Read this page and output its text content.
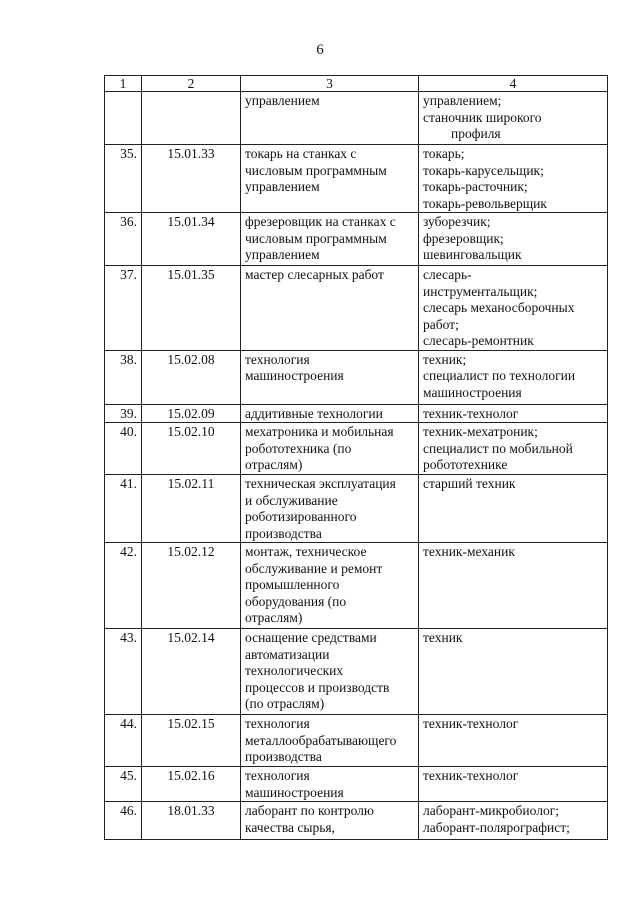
6
1	2	3	4
		управлением	управлением;
станочник широкого
профиля
35.	15.01.33	токарь на станках с
числовым программным
управлением	токарь;
токарь-карусельщик;
токарь-расточник;
токарь-револьверщик
36.	15.01.34	фрезеровщик на станках с
числовым программным
управлением	зуборезчик;
фрезеровщик;
шевинговальщик
37.	15.01.35	мастер слесарных работ	слесарь-
инструментальщик;
слесарь механосборочных
работ;
слесарь-ремонтник
38.	15.02.08	технология
машиностроения	техник;
специалист по технологии
машиностроения
39.	15.02.09	аддитивные технологии	техник-технолог
40.	15.02.10	мехатроника и мобильная
робототехника (по
отраслям)	техник-мехатроник;
специалист по мобильной
робототехнике
41.	15.02.11	техническая эксплуатация
и обслуживание
роботизированного
производства	старший техник
42.	15.02.12	монтаж, техническое
обслуживание и ремонт
промышленного
оборудования (по
отраслям)	техник-механик
43.	15.02.14	оснащение средствами
автоматизации
технологических
процессов и производств
(по отраслям)	техник
44.	15.02.15	технология
металлообрабатывающего
производства	техник-технолог
45.	15.02.16	технология
машиностроения	техник-технолог
46.	18.01.33	лаборант по контролю
качества сырья,	лаборант-микробиолог;
лаборант-полярографист;
